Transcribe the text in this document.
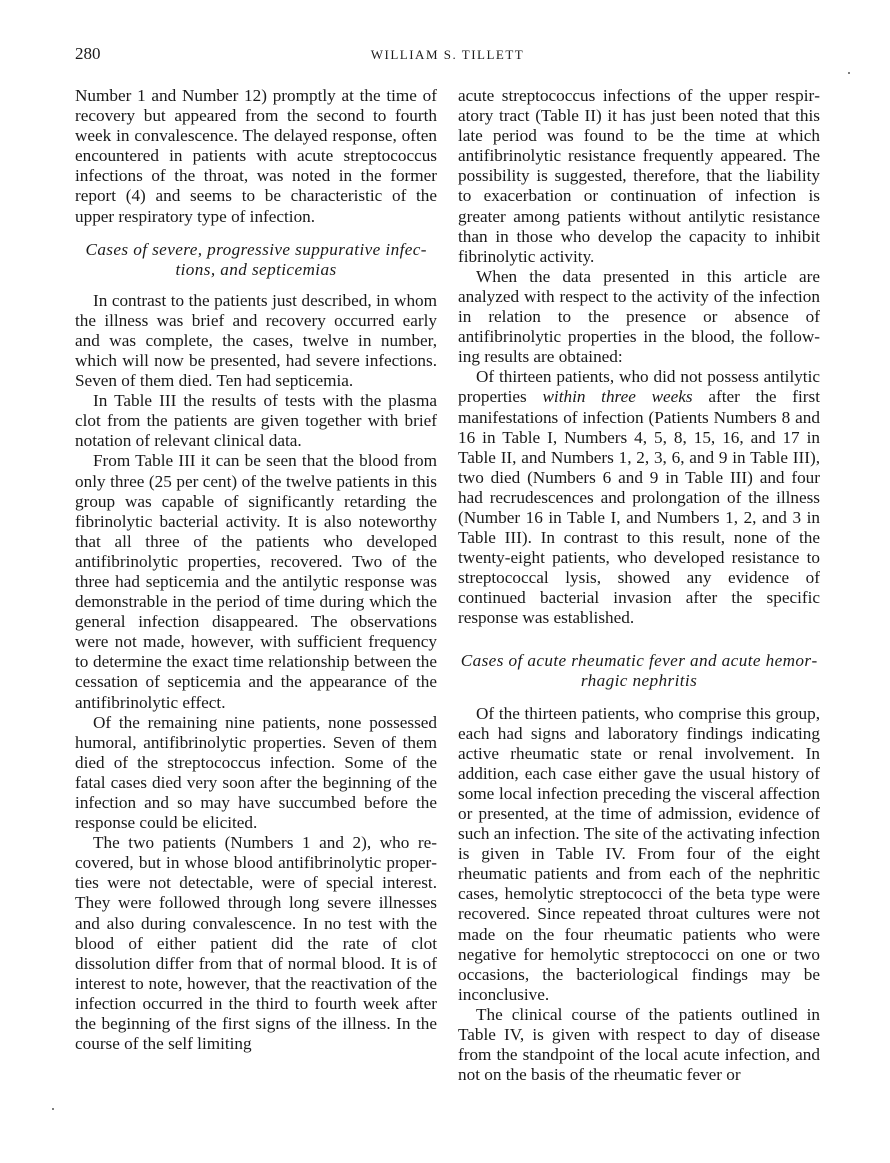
280	WILLIAM S. TILLETT

Number 1 and Number 12) promptly at the time of recovery but appeared from the second to fourth week in convalescence. The delayed response, often encountered in patients with acute streptococcus infections of the throat, was noted in the former report (4) and seems to be characteristic of the upper respiratory type of infection.

Cases of severe, progressive suppurative infections, and septicemias

In contrast to the patients just described, in whom the illness was brief and recovery occurred early and was complete, the cases, twelve in number, which will now be presented, had severe infections. Seven of them died. Ten had septicemia.

In Table III the results of tests with the plasma clot from the patients are given together with brief notation of relevant clinical data.

From Table III it can be seen that the blood from only three (25 per cent) of the twelve patients in this group was capable of significantly retarding the fibrinolytic bacterial activity. It is also noteworthy that all three of the patients who developed antifibrinolytic properties, recovered. Two of the three had septicemia and the antilytic response was demonstrable in the period of time during which the general infection disappeared. The observations were not made, however, with sufficient frequency to determine the exact time relationship between the cessation of septicemia and the appearance of the antifibrinolytic effect.

Of the remaining nine patients, none possessed humoral, antifibrinolytic properties. Seven of them died of the streptococcus infection. Some of the fatal cases died very soon after the beginning of the infection and so may have succumbed before the response could be elicited.

The two patients (Numbers 1 and 2), who recovered, but in whose blood antifibrinolytic properties were not detectable, were of special interest. They were followed through long severe illnesses and also during convalescence. In no test with the blood of either patient did the rate of clot dissolution differ from that of normal blood. It is of interest to note, however, that the reactivation of the infection occurred in the third to fourth week after the beginning of the first signs of the illness. In the course of the self limiting

acute streptococcus infections of the upper respiratory tract (Table II) it has just been noted that this late period was found to be the time at which antifibrinolytic resistance frequently appeared. The possibility is suggested, therefore, that the liability to exacerbation or continuation of infection is greater among patients without antilytic resistance than in those who develop the capacity to inhibit fibrinolytic activity.

When the data presented in this article are analyzed with respect to the activity of the infection in relation to the presence or absence of antifibrinolytic properties in the blood, the following results are obtained:

Of thirteen patients, who did not possess antilytic properties within three weeks after the first manifestations of infection (Patients Numbers 8 and 16 in Table I, Numbers 4, 5, 8, 15, 16, and 17 in Table II, and Numbers 1, 2, 3, 6, and 9 in Table III), two died (Numbers 6 and 9 in Table III) and four had recrudescences and prolongation of the illness (Number 16 in Table I, and Numbers 1, 2, and 3 in Table III). In contrast to this result, none of the twenty-eight patients, who developed resistance to streptococcal lysis, showed any evidence of continued bacterial invasion after the specific response was established.

Cases of acute rheumatic fever and acute hemorrhagic nephritis

Of the thirteen patients, who comprise this group, each had signs and laboratory findings indicating active rheumatic state or renal involvement. In addition, each case either gave the usual history of some local infection preceding the visceral affection or presented, at the time of admission, evidence of such an infection. The site of the activating infection is given in Table IV. From four of the eight rheumatic patients and from each of the nephritic cases, hemolytic streptococci of the beta type were recovered. Since repeated throat cultures were not made on the four rheumatic patients who were negative for hemolytic streptococci on one or two occasions, the bacteriological findings may be inconclusive.

The clinical course of the patients outlined in Table IV, is given with respect to day of disease from the standpoint of the local acute infection, and not on the basis of the rheumatic fever or
